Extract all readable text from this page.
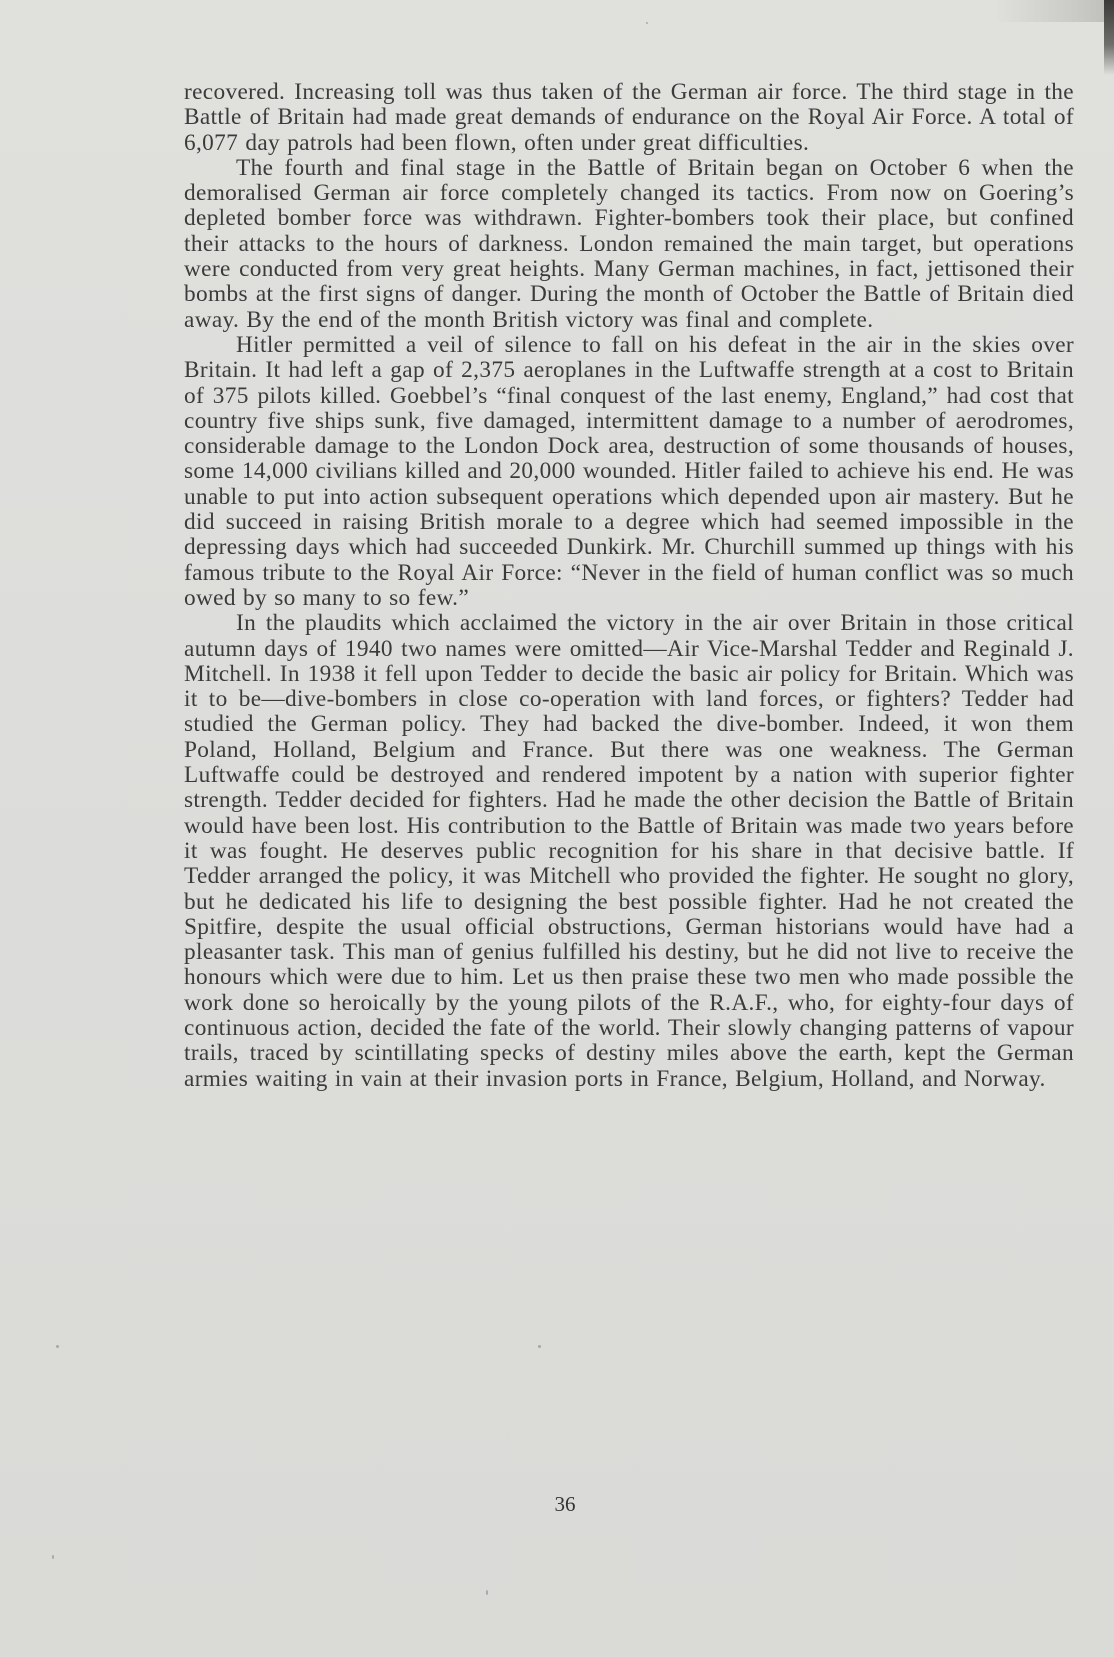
recovered. Increasing toll was thus taken of the German air force. The third stage in the Battle of Britain had made great demands of endurance on the Royal Air Force. A total of 6,077 day patrols had been flown, often under great difficulties.

The fourth and final stage in the Battle of Britain began on October 6 when the demoralised German air force completely changed its tactics. From now on Goering’s depleted bomber force was withdrawn. Fighter-bombers took their place, but confined their attacks to the hours of darkness. London remained the main target, but operations were conducted from very great heights. Many German machines, in fact, jettisoned their bombs at the first signs of danger. During the month of October the Battle of Britain died away. By the end of the month British victory was final and complete.

Hitler permitted a veil of silence to fall on his defeat in the air in the skies over Britain. It had left a gap of 2,375 aeroplanes in the Luftwaffe strength at a cost to Britain of 375 pilots killed. Goebbel’s “final conquest of the last enemy, England,” had cost that country five ships sunk, five damaged, intermittent damage to a number of aerodromes, considerable damage to the London Dock area, destruction of some thousands of houses, some 14,000 civilians killed and 20,000 wounded. Hitler failed to achieve his end. He was unable to put into action subsequent operations which depended upon air mastery. But he did succeed in raising British morale to a degree which had seemed impossible in the depressing days which had succeeded Dunkirk. Mr. Churchill summed up things with his famous tribute to the Royal Air Force: “Never in the field of human conflict was so much owed by so many to so few.”

In the plaudits which acclaimed the victory in the air over Britain in those critical autumn days of 1940 two names were omitted—Air Vice-Marshal Tedder and Reginald J. Mitchell. In 1938 it fell upon Tedder to decide the basic air policy for Britain. Which was it to be—dive-bombers in close co-operation with land forces, or fighters? Tedder had studied the German policy. They had backed the dive-bomber. Indeed, it won them Poland, Holland, Belgium and France. But there was one weakness. The German Luftwaffe could be destroyed and rendered impotent by a nation with superior fighter strength. Tedder decided for fighters. Had he made the other decision the Battle of Britain would have been lost. His contribution to the Battle of Britain was made two years before it was fought. He deserves public recognition for his share in that decisive battle. If Tedder arranged the policy, it was Mitchell who provided the fighter. He sought no glory, but he dedicated his life to designing the best possible fighter. Had he not created the Spitfire, despite the usual official obstructions, German historians would have had a pleasanter task. This man of genius fulfilled his destiny, but he did not live to receive the honours which were due to him. Let us then praise these two men who made possible the work done so heroically by the young pilots of the R.A.F., who, for eighty-four days of continuous action, decided the fate of the world. Their slowly changing patterns of vapour trails, traced by scintillating specks of destiny miles above the earth, kept the German armies waiting in vain at their invasion ports in France, Belgium, Holland, and Norway.

36
